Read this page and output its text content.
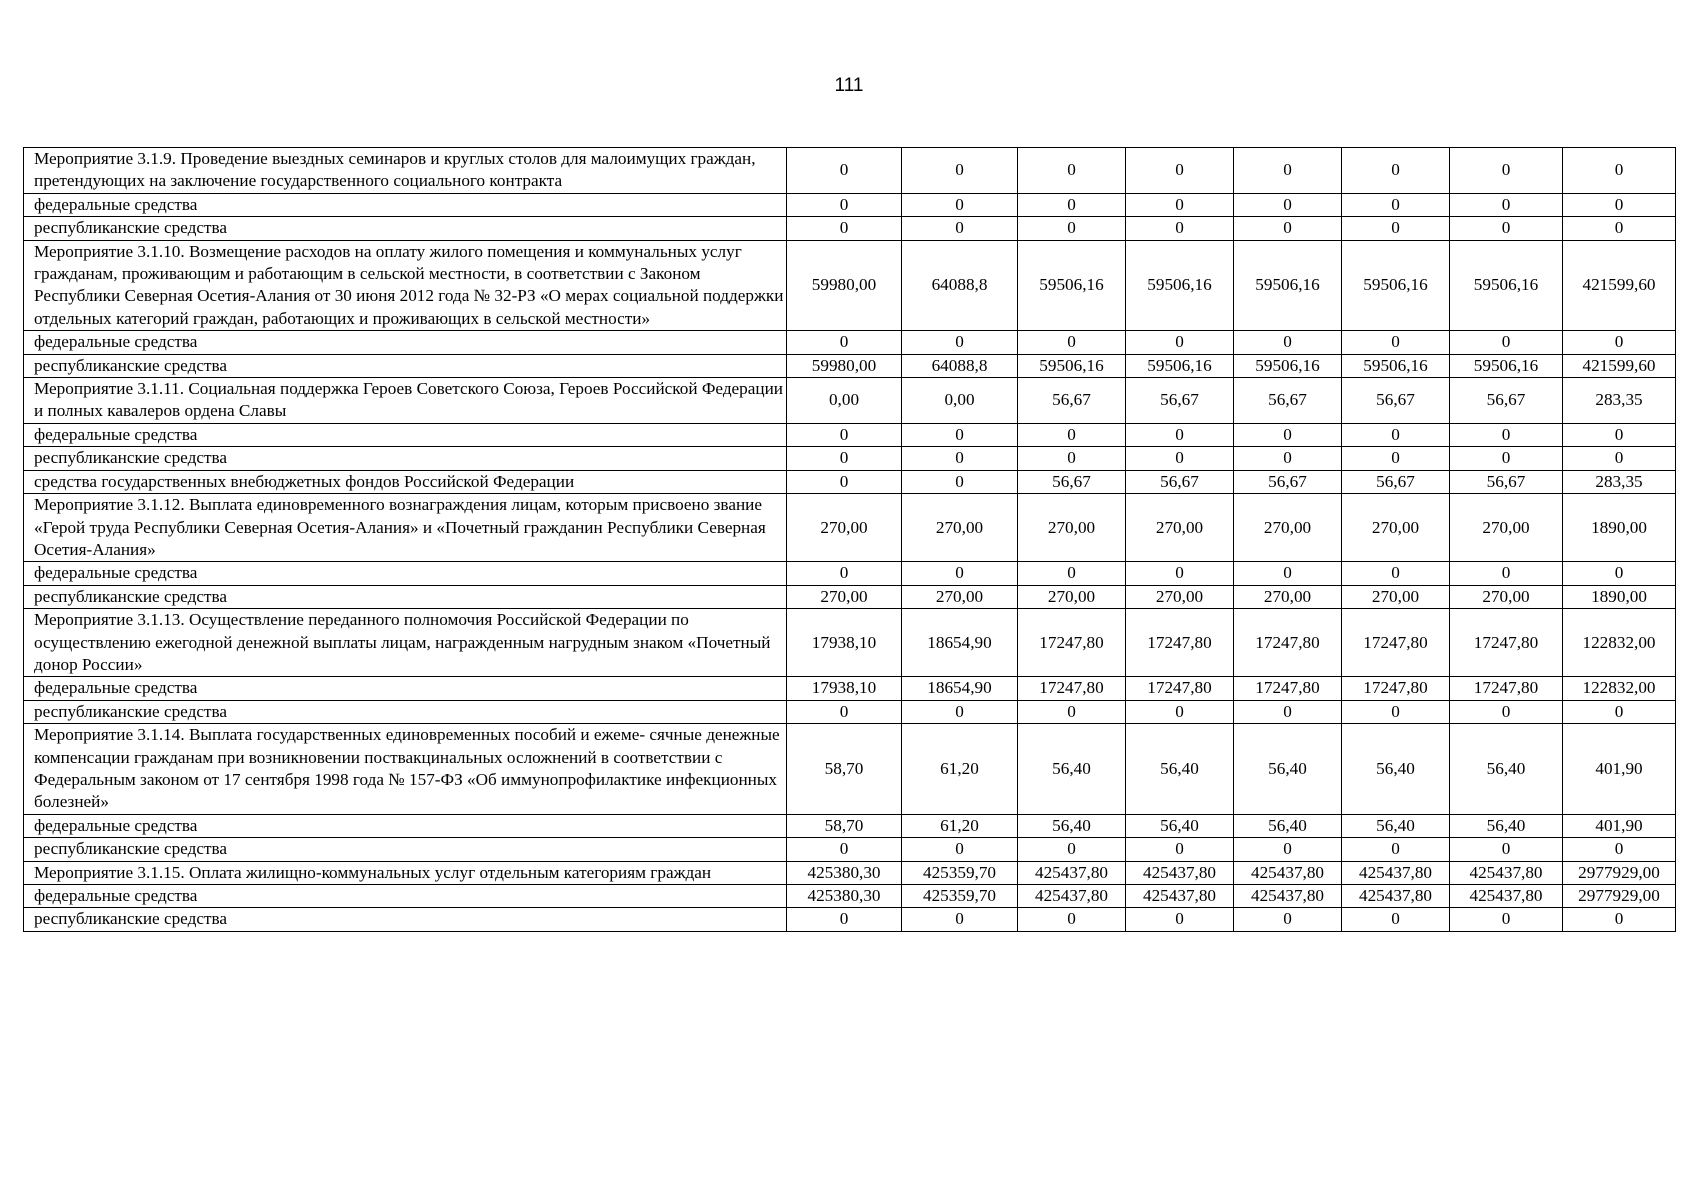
111
Мероприятие 3.1.9. Проведение выездных семинаров и круглых столов для малоимущих граждан, претендующих на заключение государственного социального контракта	0	0	0	0	0	0	0	0
федеральные средства	0	0	0	0	0	0	0	0
республиканские средства	0	0	0	0	0	0	0	0
Мероприятие 3.1.10. Возмещение расходов на оплату жилого помещения и коммунальных услуг гражданам, проживающим и работающим в сельской местности, в соответствии с Законом Республики Северная Осетия-Алания от 30 июня 2012 года № 32-РЗ «О мерах социальной поддержки отдельных категорий граждан, работающих и проживающих в сельской местности»	59980,00	64088,8	59506,16	59506,16	59506,16	59506,16	59506,16	421599,60
федеральные средства	0	0	0	0	0	0	0	0
республиканские средства	59980,00	64088,8	59506,16	59506,16	59506,16	59506,16	59506,16	421599,60
Мероприятие 3.1.11. Социальная поддержка Героев Советского Союза, Героев Российской Федерации и полных кавалеров ордена Славы	0,00	0,00	56,67	56,67	56,67	56,67	56,67	283,35
федеральные средства	0	0	0	0	0	0	0	0
республиканские средства	0	0	0	0	0	0	0	0
средства государственных внебюджетных фондов Российской Федерации	0	0	56,67	56,67	56,67	56,67	56,67	283,35
Мероприятие 3.1.12. Выплата единовременного вознаграждения лицам, которым присвоено звание «Герой труда Республики Северная Осетия-Алания» и «Почетный гражданин Республики Северная Осетия-Алания»	270,00	270,00	270,00	270,00	270,00	270,00	270,00	1890,00
федеральные средства	0	0	0	0	0	0	0	0
республиканские средства	270,00	270,00	270,00	270,00	270,00	270,00	270,00	1890,00
Мероприятие 3.1.13. Осуществление переданного полномочия Российской Федерации по осуществлению ежегодной денежной выплаты лицам, награжденным нагрудным знаком «Почетный донор России»	17938,10	18654,90	17247,80	17247,80	17247,80	17247,80	17247,80	122832,00
федеральные средства	17938,10	18654,90	17247,80	17247,80	17247,80	17247,80	17247,80	122832,00
республиканские средства	0	0	0	0	0	0	0	0
Мероприятие 3.1.14. Выплата государственных единовременных пособий и ежеме- сячные денежные компенсации гражданам при возникновении поствакцинальных осложнений в соответствии с Федеральным законом от 17 сентября 1998 года № 157-ФЗ «Об иммунопрофилактике инфекционных болезней»	58,70	61,20	56,40	56,40	56,40	56,40	56,40	401,90
федеральные средства	58,70	61,20	56,40	56,40	56,40	56,40	56,40	401,90
республиканские средства	0	0	0	0	0	0	0	0
Мероприятие 3.1.15. Оплата жилищно-коммунальных услуг отдельным категориям граждан	425380,30	425359,70	425437,80	425437,80	425437,80	425437,80	425437,80	2977929,00
федеральные средства	425380,30	425359,70	425437,80	425437,80	425437,80	425437,80	425437,80	2977929,00
республиканские средства	0	0	0	0	0	0	0	0
